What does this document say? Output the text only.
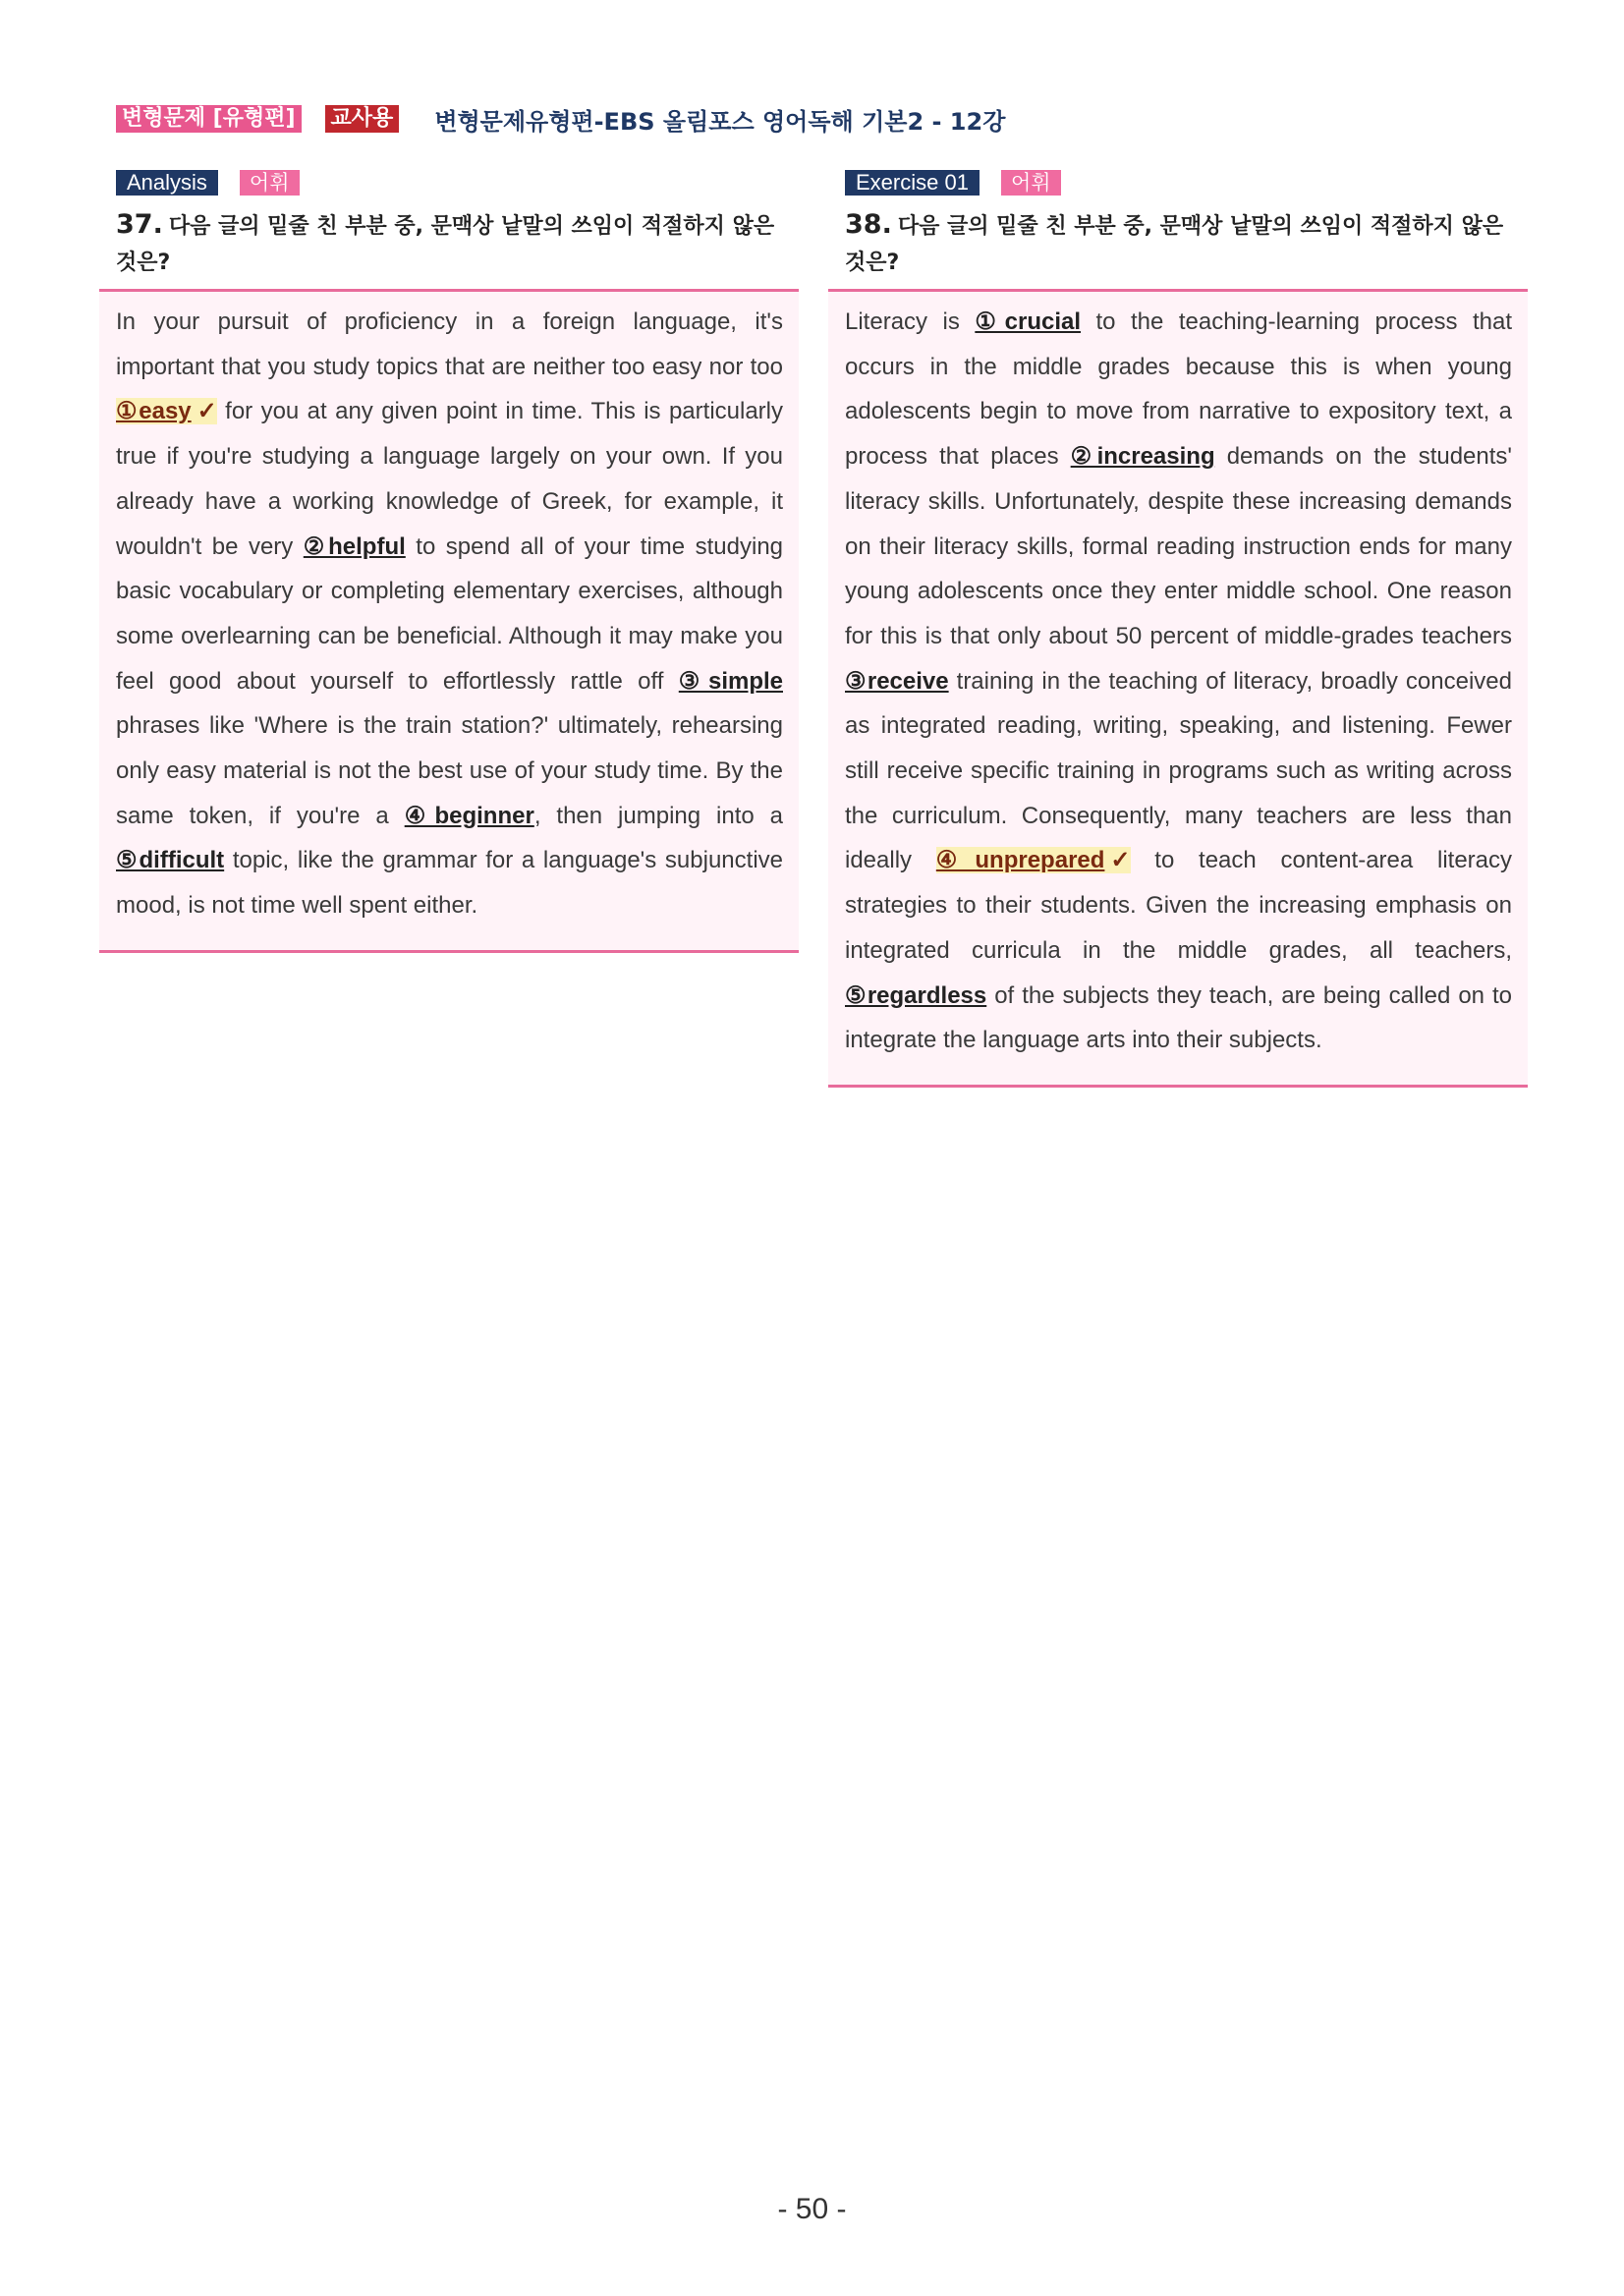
변형문제 [유형편] 교사용 변형문제유형편-EBS 올림포스 영어독해 기본2 - 12강
Analysis	어휘
37. 다음 글의 밑줄 친 부분 중, 문맥상 낱말의 쓰임이 적절하지 않은 것은?
In your pursuit of proficiency in a foreign language, it's important that you study topics that are neither too easy nor too ①easy ✓ for you at any given point in time. This is particularly true if you're studying a language largely on your own. If you already have a working knowledge of Greek, for example, it wouldn't be very ②helpful to spend all of your time studying basic vocabulary or completing elementary exercises, although some overlearning can be beneficial. Although it may make you feel good about yourself to effortlessly rattle off ③simple phrases like 'Where is the train station?' ultimately, rehearsing only easy material is not the best use of your study time. By the same token, if you're a ④beginner, then jumping into a ⑤difficult topic, like the grammar for a language's subjunctive mood, is not time well spent either.
Exercise 01	어휘
38. 다음 글의 밑줄 친 부분 중, 문맥상 낱말의 쓰임이 적절하지 않은 것은?
Literacy is ①crucial to the teaching-learning process that occurs in the middle grades because this is when young adolescents begin to move from narrative to expository text, a process that places ②increasing demands on the students' literacy skills. Unfortunately, despite these increasing demands on their literacy skills, formal reading instruction ends for many young adolescents once they enter middle school. One reason for this is that only about 50 percent of middle-grades teachers ③receive training in the teaching of literacy, broadly conceived as integrated reading, writing, speaking, and listening. Fewer still receive specific training in programs such as writing across the curriculum. Consequently, many teachers are less than ideally ④unprepared ✓ to teach content-area literacy strategies to their students. Given the increasing emphasis on integrated curricula in the middle grades, all teachers, ⑤regardless of the subjects they teach, are being called on to integrate the language arts into their subjects.
- 50 -
